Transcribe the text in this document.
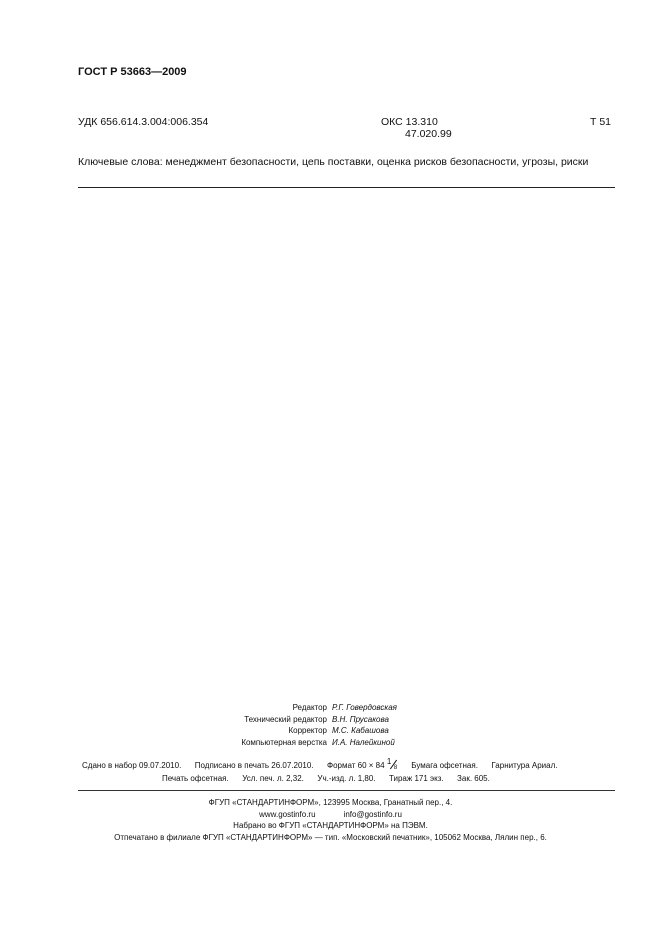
ГОСТ Р 53663—2009
УДК 656.614.3.004:006.354	ОКС 13.310
47.020.99
Т 51
Ключевые слова: менеджмент безопасности, цепь поставки, оценка рисков безопасности, угрозы, риски
Редактор Р.Г. Говердовская
Технический редактор В.Н. Прусакова
Корректор М.С. Кабашова
Компьютерная верстка И.А. Налейкиной
Сдано в набор 09.07.2010. Подписано в печать 26.07.2010. Формат 60 × 84 1
8 Бумага офсетная. Гарнитура Ариал.
Печать офсетная. Усл. печ. л. 2,32. Уч.-изд. л. 1,80. Тираж 171 экз. Зак. 605.
ФГУП «СТАНДАРТИНФОРМ», 123995 Москва, Гранатный пер., 4.
www.gostinfo.ru	info@gostinfo.ru
Набрано во ФГУП «СТАНДАРТИНФОРМ» на ПЭВМ.
Отпечатано в филиале ФГУП «СТАНДАРТИНФОРМ» — тип. «Московский печатник», 105062 Москва, Лялин пер., 6.
